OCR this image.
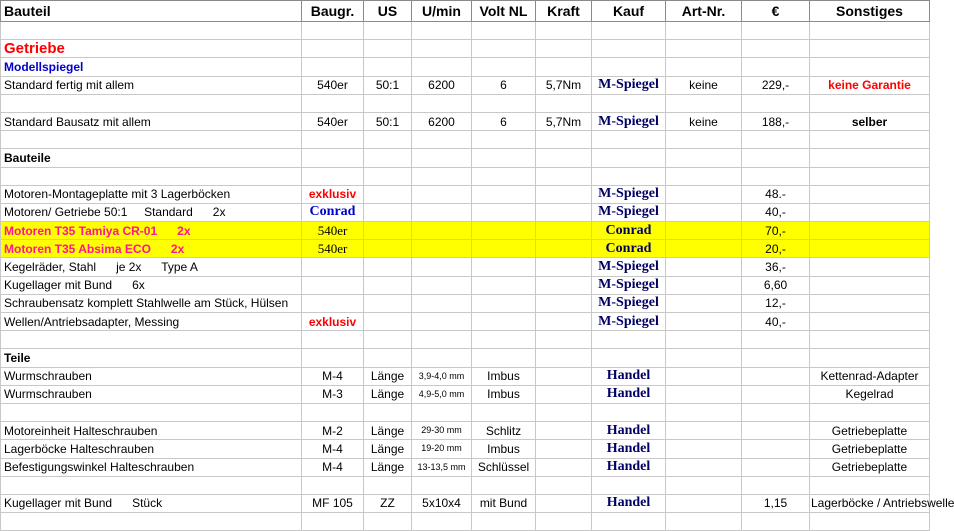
Bauteil	Baugr.	US	U/min	Volt NL	Kraft	Kauf	Art-Nr.	€	Sonstiges

Getriebe									
Modellspiegel									
Standard fertig mit allem	540er	50:1	6200	6	5,7Nm	M-Spiegel	keine	229,-	keine Garantie

Standard Bausatz mit allem	540er	50:1	6200	6	5,7Nm	M-Spiegel	keine	188,-	selber

Bauteile									

Motoren-Montageplatte mit 3 Lagerböcken	exklusiv					M-Spiegel		48.-	
Motoren/ Getriebe 50:1     Standard      2x	Conrad					M-Spiegel		40,-	
Motoren T35 Tamiya CR-01      2x	540er					Conrad		70,-	
Motoren T35 Absima ECO      2x	540er					Conrad		20,-	
Kegelräder, Stahl      je 2x      Type A						M-Spiegel		36,-	
Kugellager mit Bund      6x						M-Spiegel		6,60	
Schraubensatz komplett Stahlwelle am Stück, Hülsen						M-Spiegel		12,-	
Wellen/Antriebsadapter, Messing	exklusiv					M-Spiegel		40,-	

Teile									
Wurmschrauben	M-4	Länge	3,9-4,0 mm	Imbus		Handel			Kettenrad-Adapter
Wurmschrauben	M-3	Länge	4,9-5,0 mm	Imbus		Handel			Kegelrad

Motoreinheit Halteschrauben	M-2	Länge	29-30 mm	Schlitz		Handel			Getriebeplatte
Lagerböcke Halteschrauben	M-4	Länge	19-20 mm	Imbus		Handel			Getriebeplatte
Befestigungswinkel Halteschrauben	M-4	Länge	13-13,5 mm	Schlüssel		Handel			Getriebeplatte

Kugellager mit Bund      Stück	MF 105	ZZ	5x10x4	mit Bund		Handel		1,15	Lagerböcke / Antriebswelle
